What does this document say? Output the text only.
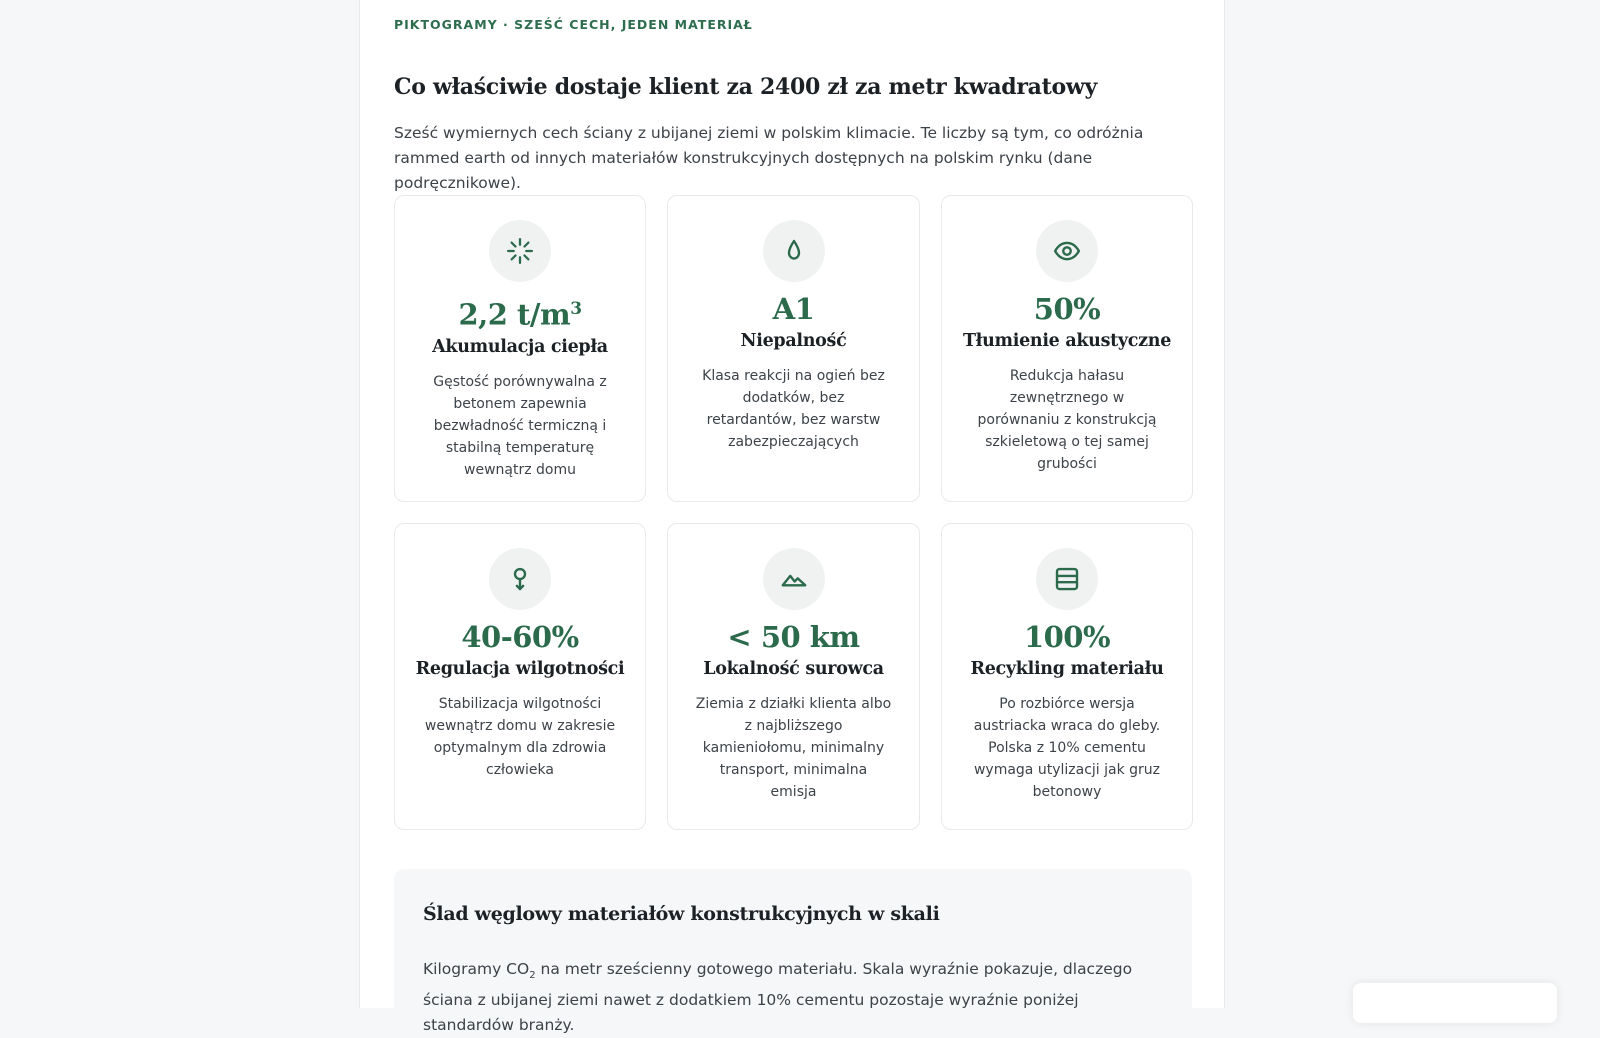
PIKTOGRAMY · SZEŚĆ CECH, JEDEN MATERIAŁ
Co właściwie dostaje klient za 2400 zł za metr kwadratowy

Sześć wymiernych cech ściany z ubijanej ziemi w polskim klimacie. Te liczby są tym, co odróżnia rammed earth od innych materiałów konstrukcyjnych dostępnych na polskim rynku (dane podręcznikowe).

2,2 $t/m^3$
Akumulacja ciepła
Gęstość porównywalna z betonem zapewnia bezwładność termiczną i stabilną temperaturę wewnątrz domu
A1
Niepalność
Klasa reakcji na ogień bez dodatków, bez retardantów, bez warstw zabezpieczających
50%
Tłumienie akustyczne
Redukcja hałasu zewnętrznego w porównaniu z konstrukcją szkieletową o tej samej grubości
40-60%
Regulacja wilgotności
Stabilizacja wilgotności wewnątrz domu w zakresie optymalnym dla zdrowia człowieka
< 50 km
Lokalność surowca
Ziemia z działki klienta albo z najbliższego kamieniołomu, minimalny transport, minimalna emisja
100%
Recykling materiału
Po rozbiórce wersja austriacka wraca do gleby. Polska z 10% cementu wymaga utylizacji jak gruz betonowy
Ślad węglowy materiałów konstrukcyjnych w skali

Kilogramy $CO_2$ na metr sześcienny gotowego materiału. Skala wyraźnie pokazuje, dlaczego ściana z ubijanej ziemi nawet z dodatkiem 10% cementu pozostaje wyraźnie poniżej standardów branży.
